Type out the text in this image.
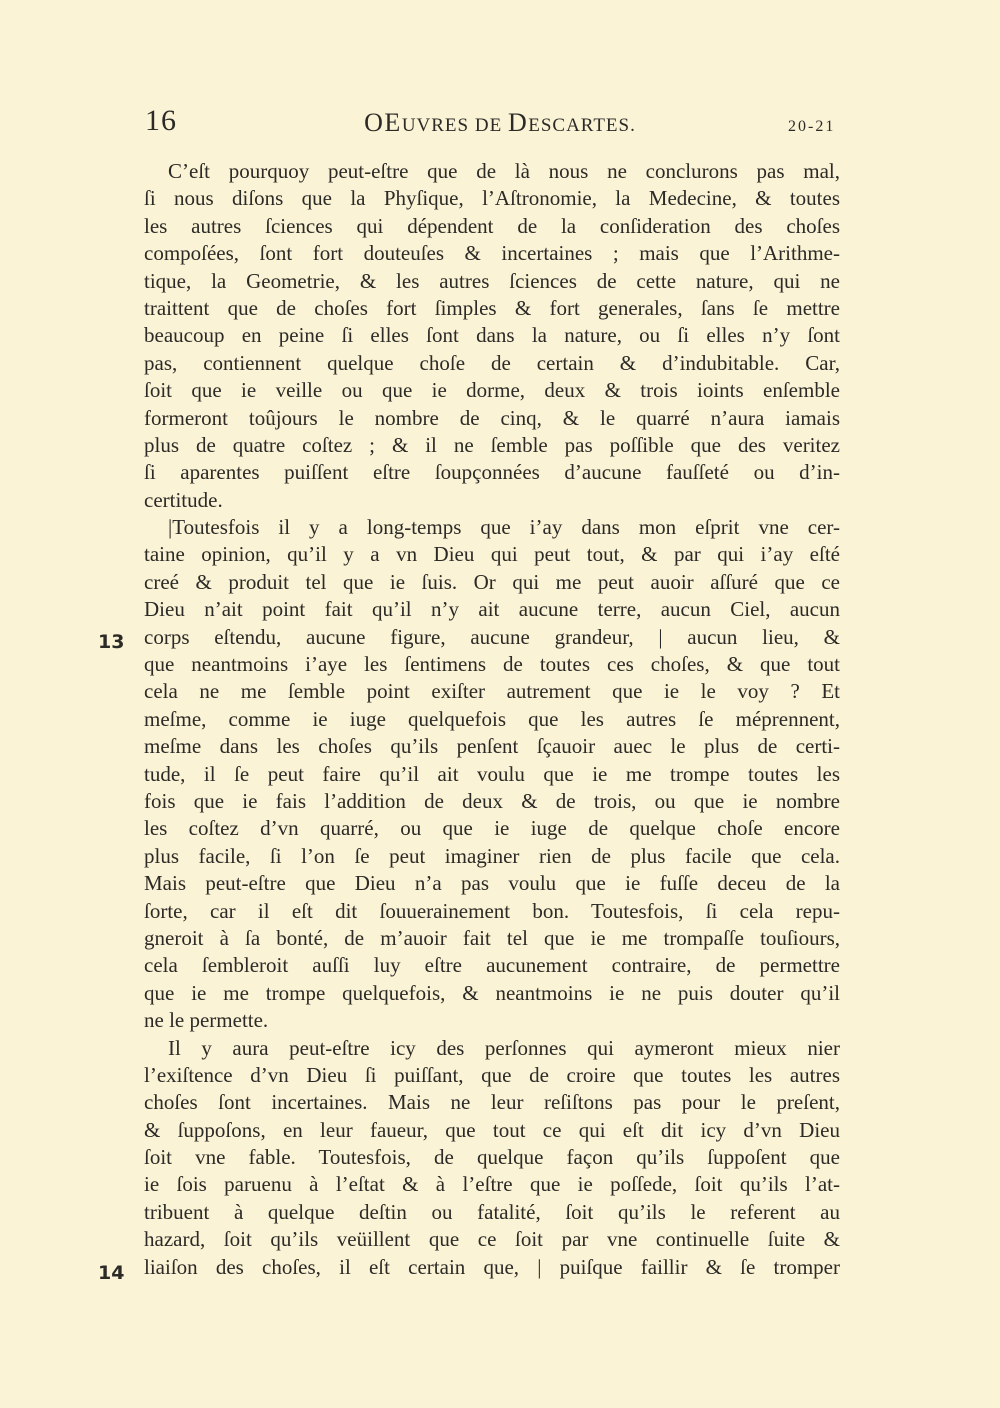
16	OEUVRES DE DESCARTES.	20-21
C’eſt pourquoy peut-eſtre que de là nous ne conclurons pas mal,
ſi nous diſons que la Phyſique, l’Aſtronomie, la Medecine, & toutes
les autres ſciences qui dépendent de la conſideration des choſes
compoſées, ſont fort douteuſes & incertaines ; mais que l’Arithme-
tique, la Geometrie, & les autres ſciences de cette nature, qui ne
traittent que de choſes fort ſimples & fort generales, ſans ſe mettre
beaucoup en peine ſi elles ſont dans la nature, ou ſi elles n’y ſont
pas, contiennent quelque choſe de certain & d’indubitable. Car,
ſoit que ie veille ou que ie dorme, deux & trois ioints enſemble
formeront toûjours le nombre de cinq, & le quarré n’aura iamais
plus de quatre coſtez ; & il ne ſemble pas poſſible que des veritez
ſi aparentes puiſſent eſtre ſoupçonnées d’aucune fauſſeté ou d’in-
certitude.
|Toutesfois il y a long-temps que i’ay dans mon eſprit vne cer-
taine opinion, qu’il y a vn Dieu qui peut tout, & par qui i’ay eſté
creé & produit tel que ie ſuis. Or qui me peut auoir aſſuré que ce
Dieu n’ait point fait qu’il n’y ait aucune terre, aucun Ciel, aucun
corps eſtendu, aucune figure, aucune grandeur, | aucun lieu, &
que neantmoins i’aye les ſentimens de toutes ces choſes, & que tout
cela ne me ſemble point exiſter autrement que ie le voy ? Et
meſme, comme ie iuge quelquefois que les autres ſe méprennent,
meſme dans les choſes qu’ils penſent ſçauoir auec le plus de certi-
tude, il ſe peut faire qu’il ait voulu que ie me trompe toutes les
fois que ie fais l’addition de deux & de trois, ou que ie nombre
les coſtez d’vn quarré, ou que ie iuge de quelque choſe encore
plus facile, ſi l’on ſe peut imaginer rien de plus facile que cela.
Mais peut-eſtre que Dieu n’a pas voulu que ie fuſſe deceu de la
ſorte, car il eſt dit ſouuerainement bon. Toutesfois, ſi cela repu-
gneroit à ſa bonté, de m’auoir fait tel que ie me trompaſſe touſiours,
cela ſembleroit auſſi luy eſtre aucunement contraire, de permettre
que ie me trompe quelquefois, & neantmoins ie ne puis douter qu’il
ne le permette.
Il y aura peut-eſtre icy des perſonnes qui aymeront mieux nier
l’exiſtence d’vn Dieu ſi puiſſant, que de croire que toutes les autres
choſes ſont incertaines. Mais ne leur reſiſtons pas pour le preſent,
& ſuppoſons, en leur faueur, que tout ce qui eſt dit icy d’vn Dieu
ſoit vne fable. Toutesfois, de quelque façon qu’ils ſuppoſent que
ie ſois paruenu à l’eſtat & à l’eſtre que ie poſſede, ſoit qu’ils l’at-
tribuent à quelque deſtin ou fatalité, ſoit qu’ils le referent au
hazard, ſoit qu’ils veüillent que ce ſoit par vne continuelle ſuite &
liaiſon des choſes, il eſt certain que, | puiſque faillir & ſe tromper
13
14
